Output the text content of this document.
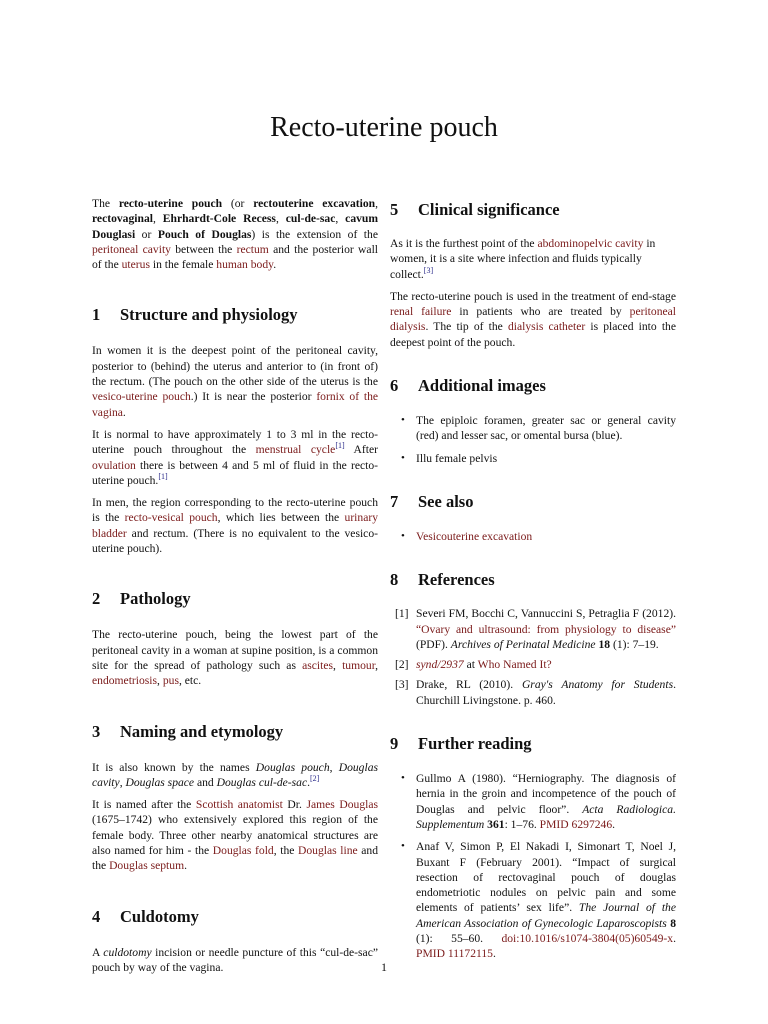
Recto-uterine pouch

The recto-uterine pouch (or rectouterine excavation, rectovaginal, Ehrhardt-Cole Recess, cul-de-sac, cavum Douglasi or Pouch of Douglas) is the extension of the peritoneal cavity between the rectum and the posterior wall of the uterus in the female human body.

1 Structure and physiology

In women it is the deepest point of the peritoneal cavity, posterior to (behind) the uterus and anterior to (in front of) the rectum. (The pouch on the other side of the uterus is the vesico-uterine pouch.) It is near the posterior fornix of the vagina.

It is normal to have approximately 1 to 3 ml in the recto-uterine pouch throughout the menstrual cycle[1] After ovulation there is between 4 and 5 ml of fluid in the recto-uterine pouch.[1]

In men, the region corresponding to the recto-uterine pouch is the recto-vesical pouch, which lies between the urinary bladder and rectum. (There is no equivalent to the vesico-uterine pouch).

2 Pathology

The recto-uterine pouch, being the lowest part of the peritoneal cavity in a woman at supine position, is a common site for the spread of pathology such as ascites, tumour, endometriosis, pus, etc.

3 Naming and etymology

It is also known by the names Douglas pouch, Douglas cavity, Douglas space and Douglas cul-de-sac.[2]

It is named after the Scottish anatomist Dr. James Douglas (1675–1742) who extensively explored this region of the female body. Three other nearby anatomical structures are also named for him - the Douglas fold, the Douglas line and the Douglas septum.

4 Culdotomy

A culdotomy incision or needle puncture of this “cul-de-sac” pouch by way of the vagina.

5 Clinical significance

As it is the furthest point of the abdominopelvic cavity in women, it is a site where infection and fluids typically collect.[3]

The recto-uterine pouch is used in the treatment of end-stage renal failure in patients who are treated by peritoneal dialysis. The tip of the dialysis catheter is placed into the deepest point of the pouch.

6 Additional images
• The epiploic foramen, greater sac or general cavity (red) and lesser sac, or omental bursa (blue).
• Illu female pelvis
7 See also
• Vesicouterine excavation
8 References
[1] Severi FM, Bocchi C, Vannuccini S, Petraglia F (2012). “Ovary and ultrasound: from physiology to disease” (PDF). Archives of Perinatal Medicine 18 (1): 7–19.
[2] synd/2937 at Who Named It?
[3] Drake, RL (2010). Gray's Anatomy for Students. Churchill Livingstone. p. 460.
9 Further reading
• Gullmo A (1980). “Herniography. The diagnosis of hernia in the groin and incompetence of the pouch of Douglas and pelvic floor”. Acta Radiologica. Supplementum 361: 1–76. PMID 6297246.
• Anaf V, Simon P, El Nakadi I, Simonart T, Noel J, Buxant F (February 2001). “Impact of surgical resection of rectovaginal pouch of douglas endometriotic nodules on pelvic pain and some elements of patients’ sex life”. The Journal of the American Association of Gynecologic Laparoscopists 8 (1): 55–60. doi:10.1016/s1074-3804(05)60549-x. PMID 11172115.
1
